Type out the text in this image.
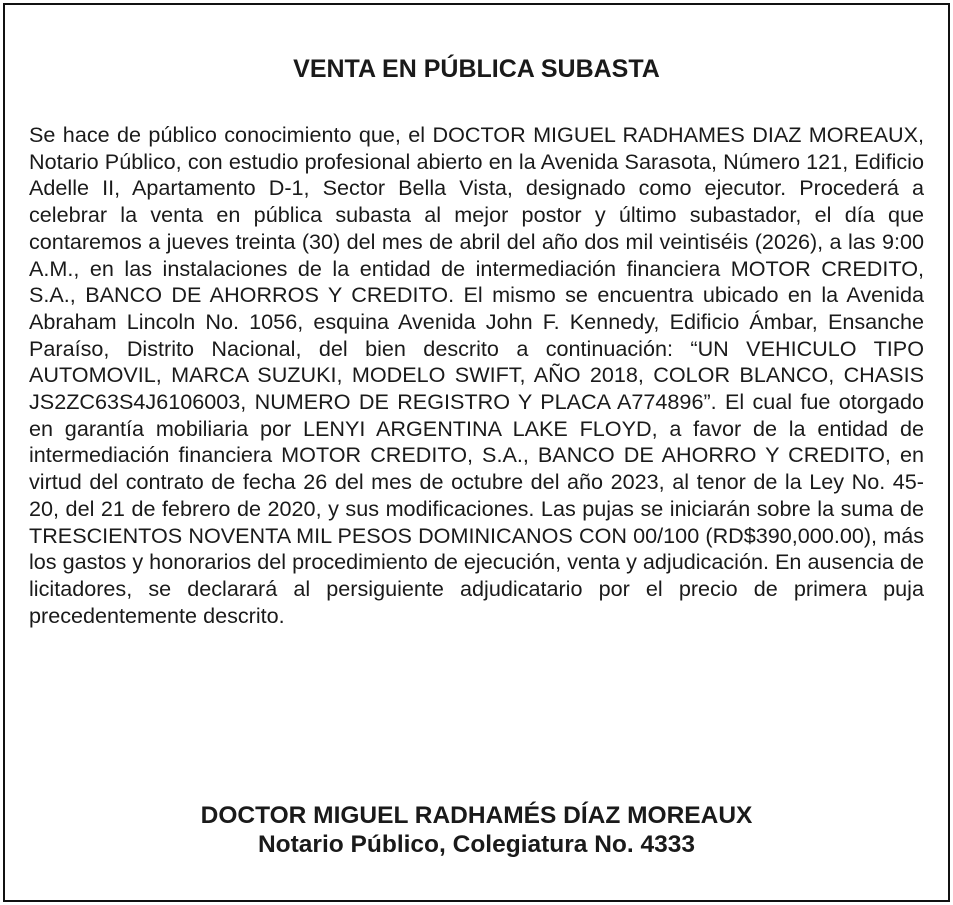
VENTA EN PÚBLICA SUBASTA

Se hace de público conocimiento que, el DOCTOR MIGUEL RADHAMES DIAZ MOREAUX, Notario Público, con estudio profesional abierto en la Avenida Sarasota, Número 121, Edificio Adelle II, Apartamento D-1, Sector Bella Vista, designado como ejecutor. Procederá a celebrar la venta en pública subasta al mejor postor y último subastador, el día que contaremos a jueves treinta (30) del mes de abril del año dos mil veintiséis (2026), a las 9:00 A.M., en las instalaciones de la entidad de intermediación financiera MOTOR CREDITO, S.A., BANCO DE AHORROS Y CREDITO. El mismo se encuentra ubicado en la Avenida Abraham Lincoln No. 1056, esquina Avenida John F. Kennedy, Edificio Ámbar, Ensanche Paraíso, Distrito Nacional, del bien descrito a continuación: “UN VEHICULO TIPO AUTOMOVIL, MARCA SUZUKI, MODELO SWIFT, AÑO 2018, COLOR BLANCO, CHASIS JS2ZC63S4J6106003, NUMERO DE REGISTRO Y PLACA A774896”. El cual fue otorgado en garantía mobiliaria por LENYI ARGENTINA LAKE FLOYD, a favor de la entidad de intermediación financiera MOTOR CREDITO, S.A., BANCO DE AHORRO Y CREDITO, en virtud del contrato de fecha 26 del mes de octubre del año 2023, al tenor de la Ley No. 45-20, del 21 de febrero de 2020, y sus modificaciones. Las pujas se iniciarán sobre la suma de TRESCIENTOS NOVENTA MIL PESOS DOMINICANOS CON 00/100 (RD$390,000.00), más los gastos y honorarios del procedimiento de ejecución, venta y adjudicación. En ausencia de licitadores, se declarará al persiguiente adjudicatario por el precio de primera puja precedentemente descrito.

DOCTOR MIGUEL RADHAMÉS DÍAZ MOREAUX
Notario Público, Colegiatura No. 4333
